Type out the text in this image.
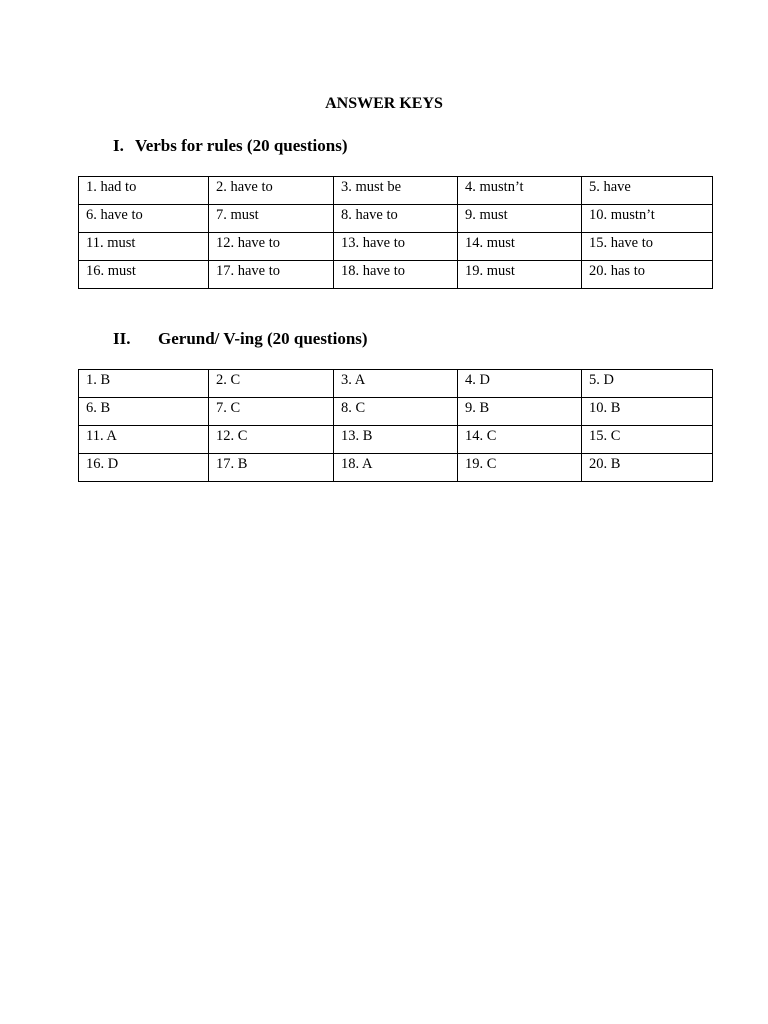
ANSWER KEYS
I. Verbs for rules (20 questions)
1. had to	2. have to	3. must be	4. mustn’t	5. have
6. have to	7. must	8. have to	9. must	10. mustn’t
11. must	12. have to	13. have to	14. must	15. have to
16. must	17. have to	18. have to	19. must	20. has to
II. Gerund/ V-ing (20 questions)
1. B	2. C	3. A	4. D	5. D
6. B	7. C	8. C	9. B	10. B
11. A	12. C	13. B	14. C	15. C
16. D	17. B	18. A	19. C	20. B
